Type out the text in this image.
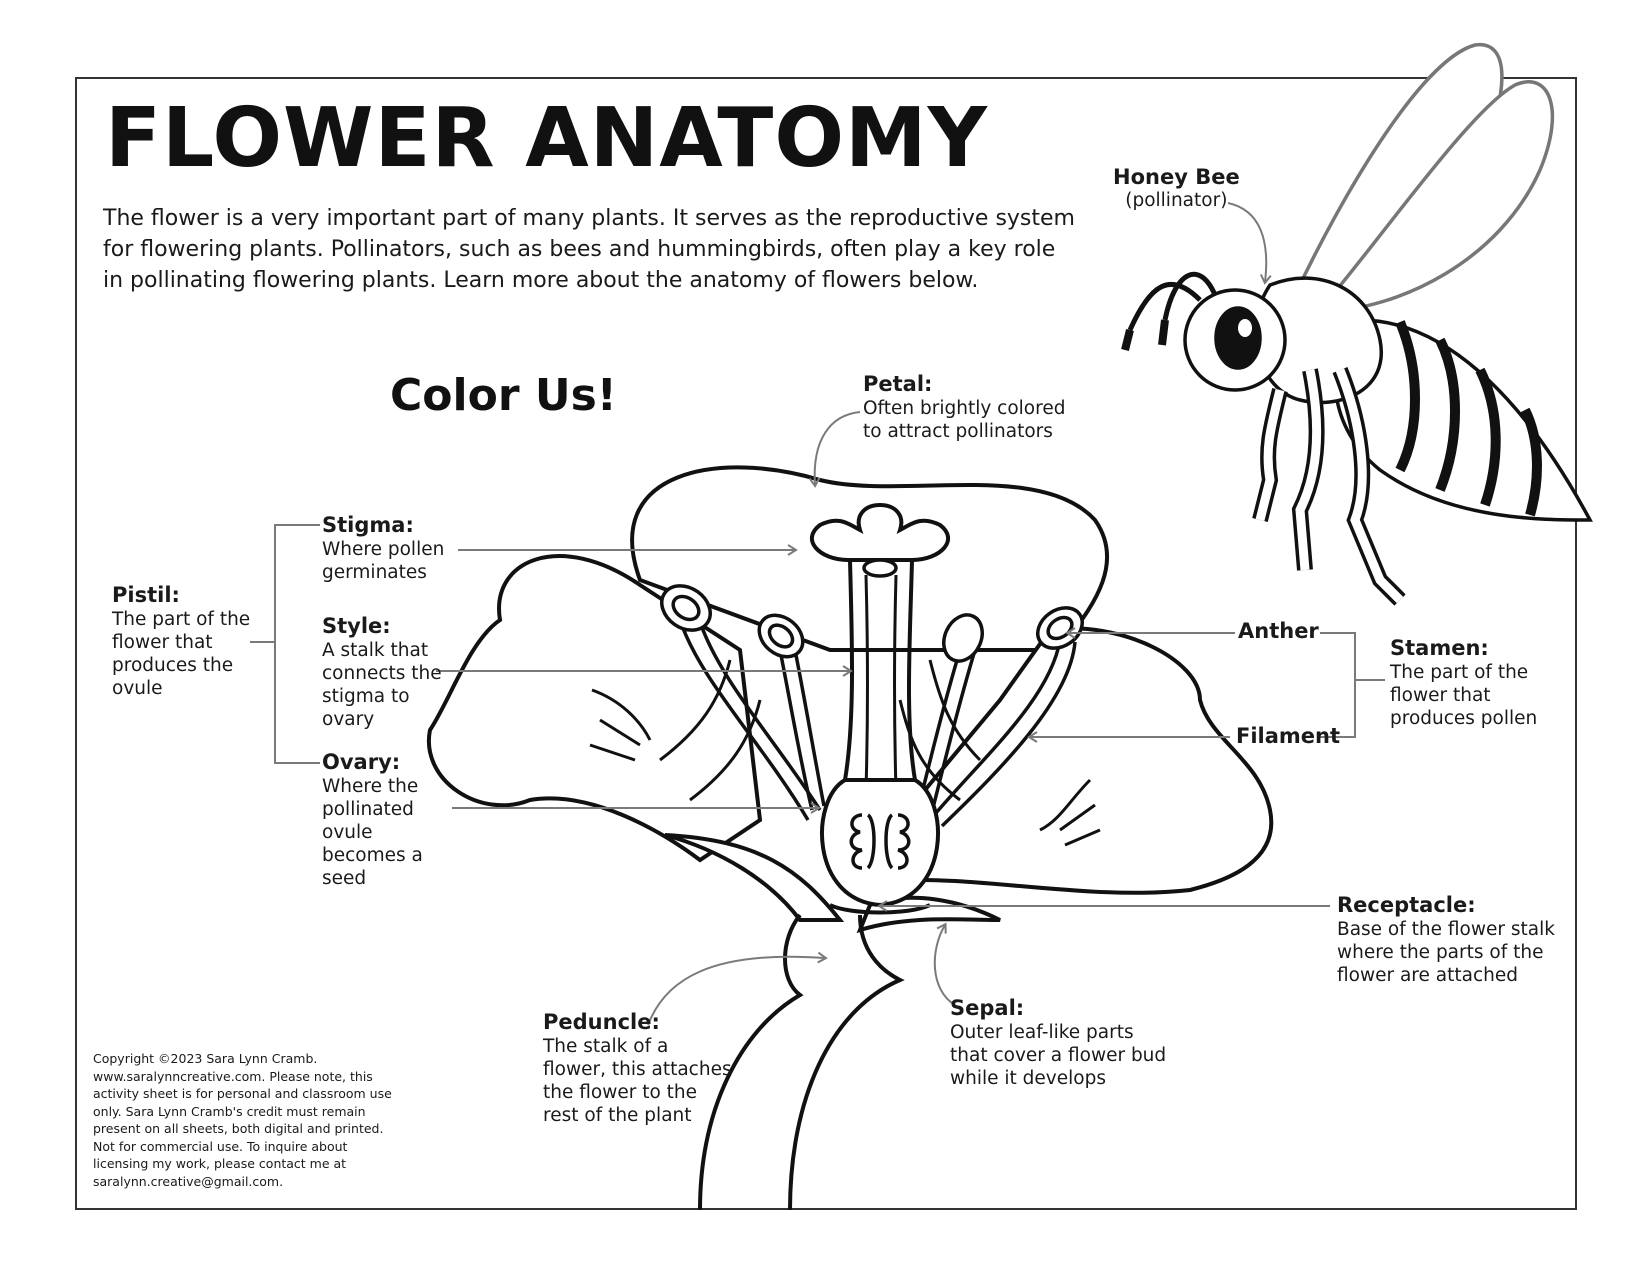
FLOWER ANATOMY
The flower is a very important part of many plants. It serves as the reproductive system
for flowering plants. Pollinators, such as bees and hummingbirds, often play a key role
in pollinating flowering plants. Learn more about the anatomy of flowers below.
Color Us!
Honey Bee
(pollinator)
Petal:
Often brightly colored
to attract pollinators
Stigma:
Where pollen
germinates
Pistil:
The part of the
flower that
produces the
ovule
Style:
A stalk that
connects the
stigma to
ovary
Ovary:
Where the
pollinated
ovule
becomes a
seed
Anther
Filament
Stamen:
The part of the
flower that
produces pollen
Receptacle:
Base of the flower stalk
where the parts of the
flower are attached
Peduncle:
The stalk of a
flower, this attaches
the flower to the
rest of the plant
Sepal:
Outer leaf-like parts
that cover a flower bud
while it develops
Copyright ©2023 Sara Lynn Cramb.
www.saralynncreative.com. Please note, this
activity sheet is for personal and classroom use
only. Sara Lynn Cramb's credit must remain
present on all sheets, both digital and printed.
Not for commercial use. To inquire about
licensing my work, please contact me at
saralynn.creative@gmail.com.
